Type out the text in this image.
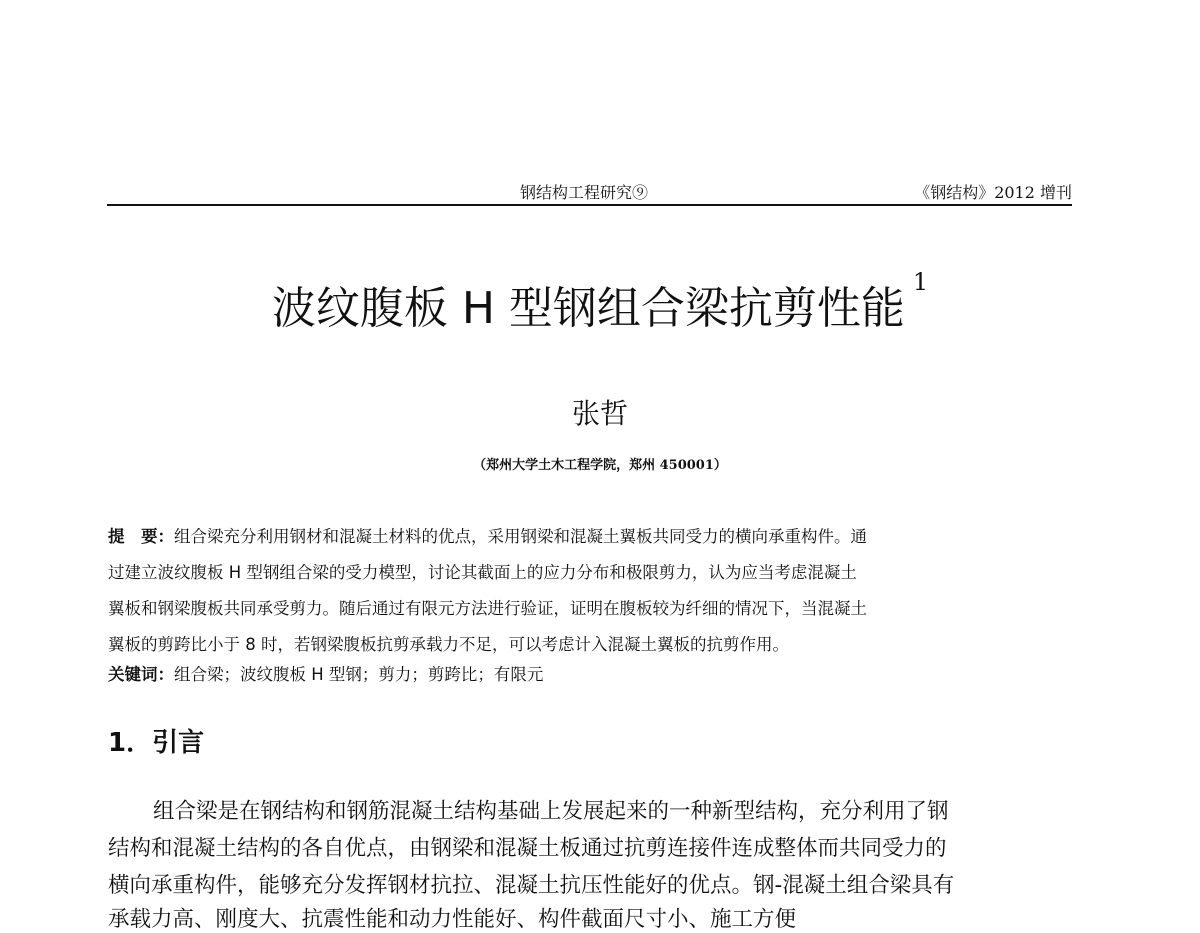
钢结构工程研究⑨	《钢结构》2012 增刊
波纹腹板 H 型钢组合梁抗剪性能$^1$
张哲
（郑州大学土木工程学院，郑州 450001）
提　要：组合梁充分利用钢材和混凝土材料的优点，采用钢梁和混凝土翼板共同受力的横向承重构件。通
过建立波纹腹板 H 型钢组合梁的受力模型，讨论其截面上的应力分布和极限剪力，认为应当考虑混凝土
翼板和钢梁腹板共同承受剪力。随后通过有限元方法进行验证，证明在腹板较为纤细的情况下，当混凝土
翼板的剪跨比小于 8 时，若钢梁腹板抗剪承载力不足，可以考虑计入混凝土翼板的抗剪作用。
关键词：组合梁；波纹腹板 H 型钢；剪力；剪跨比；有限元
1．引言
组合梁是在钢结构和钢筋混凝土结构基础上发展起来的一种新型结构，充分利用了钢
结构和混凝土结构的各自优点，由钢梁和混凝土板通过抗剪连接件连成整体而共同受力的
横向承重构件，能够充分发挥钢材抗拉、混凝土抗压性能好的优点。钢-混凝土组合梁具有
承载力高、刚度大、抗震性能和动力性能好、构件截面尺寸小、施工方便
